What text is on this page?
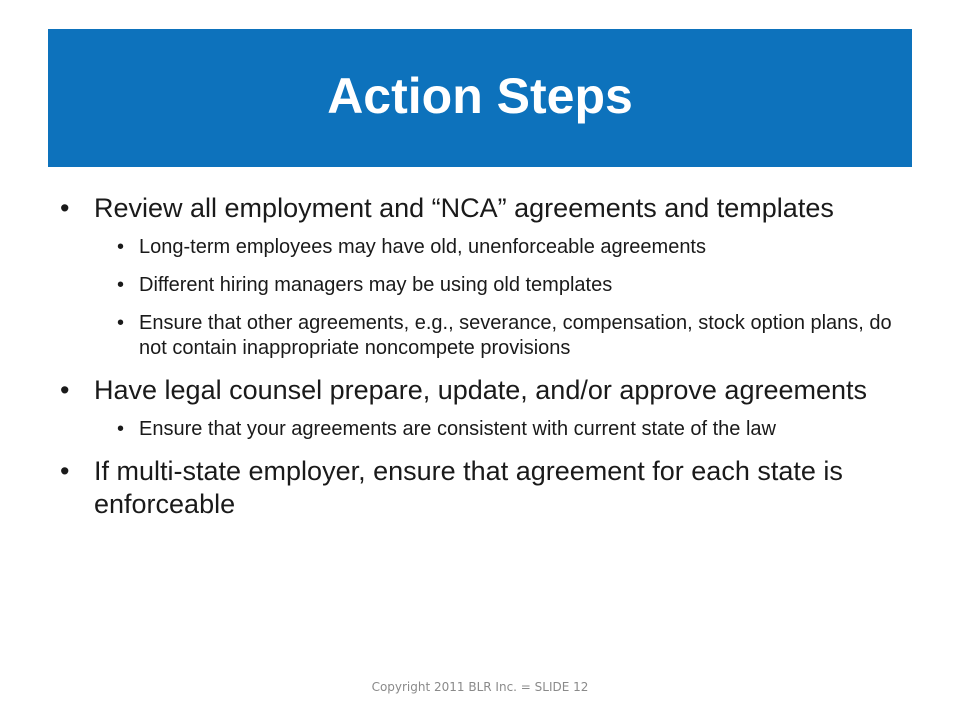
Action Steps
• Review all employment and “NCA” agreements and templates
• Long-term employees may have old, unenforceable agreements
• Different hiring managers may be using old templates
• Ensure that other agreements, e.g., severance, compensation, stock option plans, do not contain inappropriate noncompete provisions
• Have legal counsel prepare, update, and/or approve agreements
• Ensure that your agreements are consistent with current state of the law
• If multi-state employer, ensure that agreement for each state is enforceable
Copyright 2011 BLR Inc. = SLIDE 12
